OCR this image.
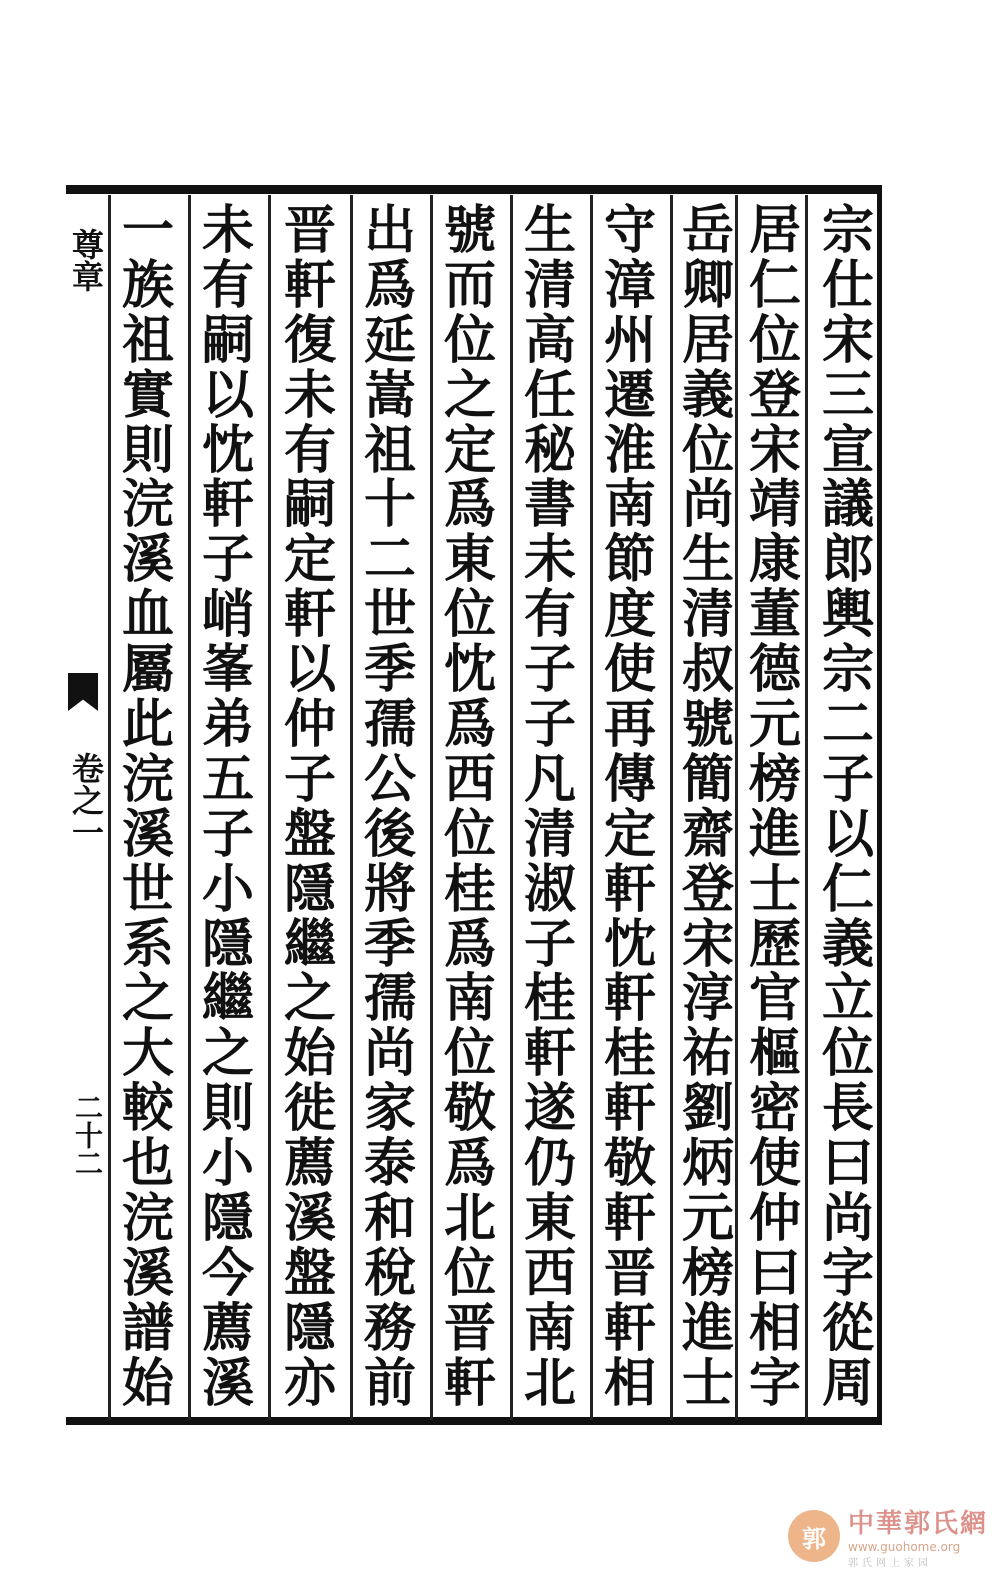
尊章
卷之一
二十二
宗
仕
宋
三
宣
議
郎
輿
宗
二
子
以
仁
義
立
位
長
曰
尚
字
從
周
居
仁
位
登
宋
靖
康
董
德
元
榜
進
士
歷
官
樞
密
使
仲
曰
相
字
岳
卿
居
義
位
尚
生
清
叔
號
簡
齋
登
宋
淳
祐
劉
炳
元
榜
進
士
守
漳
州
遷
淮
南
節
度
使
再
傳
定
軒
忱
軒
桂
軒
敬
軒
晋
軒
相
生
清
高
任
秘
書
未
有
子
子
凡
清
淑
子
桂
軒
遂
仍
東
西
南
北
號
而
位
之
定
爲
東
位
忱
爲
西
位
桂
爲
南
位
敬
爲
北
位
晋
軒
出
爲
延
嵩
祖
十
二
世
季
孺
公
後
將
季
孺
尚
家
泰
和
稅
務
前
晋
軒
復
未
有
嗣
定
軒
以
仲
子
盤
隱
繼
之
始
徙
薦
溪
盤
隱
亦
未
有
嗣
以
忱
軒
子
峭
峯
弟
五
子
小
隱
繼
之
則
小
隱
今
薦
溪
一
族
祖
實
則
浣
溪
血
屬
此
浣
溪
世
系
之
大
較
也
浣
溪
譜
始
郭 中華郭氏網
www.guohome.org
郭氏网上家园
